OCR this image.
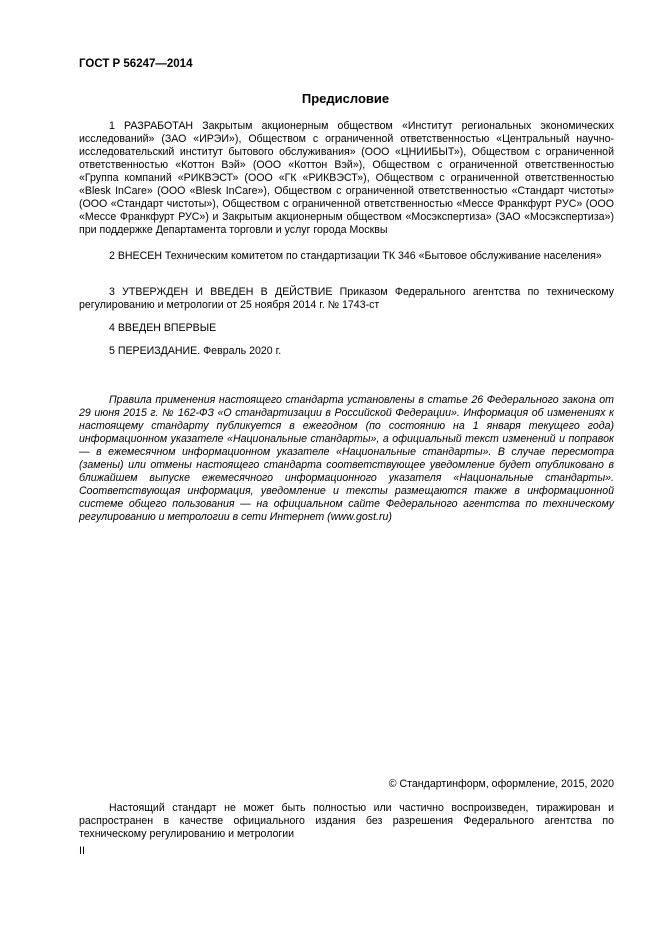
ГОСТ Р 56247—2014
Предисловие

1 РАЗРАБОТАН Закрытым акционерным обществом «Институт региональных экономических исследований» (ЗАО «ИРЭИ»), Обществом с ограниченной ответственностью «Центральный научно-исследовательский институт бытового обслуживания» (ООО «ЦНИИБЫТ»), Обществом с ограниченной ответственностью «Коттон Вэй» (ООО «Коттон Вэй»), Обществом с ограниченной ответственностью «Группа компаний «РИКВЭСТ» (ООО «ГК «РИКВЭСТ»), Обществом с ограниченной ответственностью «Blesk InCare» (ООО «Blesk InCare»), Обществом с ограниченной ответственностью «Стандарт чистоты» (ООО «Стандарт чистоты»), Обществом с ограниченной ответственностью «Мессе Франкфурт РУС» (ООО «Мессе Франкфурт РУС») и Закрытым акционерным обществом «Мосэкспертиза» (ЗАО «Мосэкспертиза») при поддержке Департамента торговли и услуг города Москвы

2 ВНЕСЕН Техническим комитетом по стандартизации ТК 346 «Бытовое обслуживание населения»

3 УТВЕРЖДЕН И ВВЕДЕН В ДЕЙСТВИЕ Приказом Федерального агентства по техническому регулированию и метрологии от 25 ноября 2014 г. № 1743-ст

4 ВВЕДЕН ВПЕРВЫЕ

5 ПЕРЕИЗДАНИЕ. Февраль 2020 г.

Правила применения настоящего стандарта установлены в статье 26 Федерального закона от 29 июня 2015 г. № 162-ФЗ «О стандартизации в Российской Федерации». Информация об изменениях к настоящему стандарту публикуется в ежегодном (по состоянию на 1 января текущего года) информационном указателе «Национальные стандарты», а официальный текст изменений и поправок — в ежемесячном информационном указателе «Национальные стандарты». В случае пересмотра (замены) или отмены настоящего стандарта соответствующее уведомление будет опубликовано в ближайшем выпуске ежемесячного информационного указателя «Национальные стандарты». Соответствующая информация, уведомление и тексты размещаются также в информационной системе общего пользования — на официальном сайте Федерального агентства по техническому регулированию и метрологии в сети Интернет (www.gost.ru)

© Стандартинформ, оформление, 2015, 2020

Настоящий стандарт не может быть полностью или частично воспроизведен, тиражирован и распространен в качестве официального издания без разрешения Федерального агентства по техническому регулированию и метрологии

II
